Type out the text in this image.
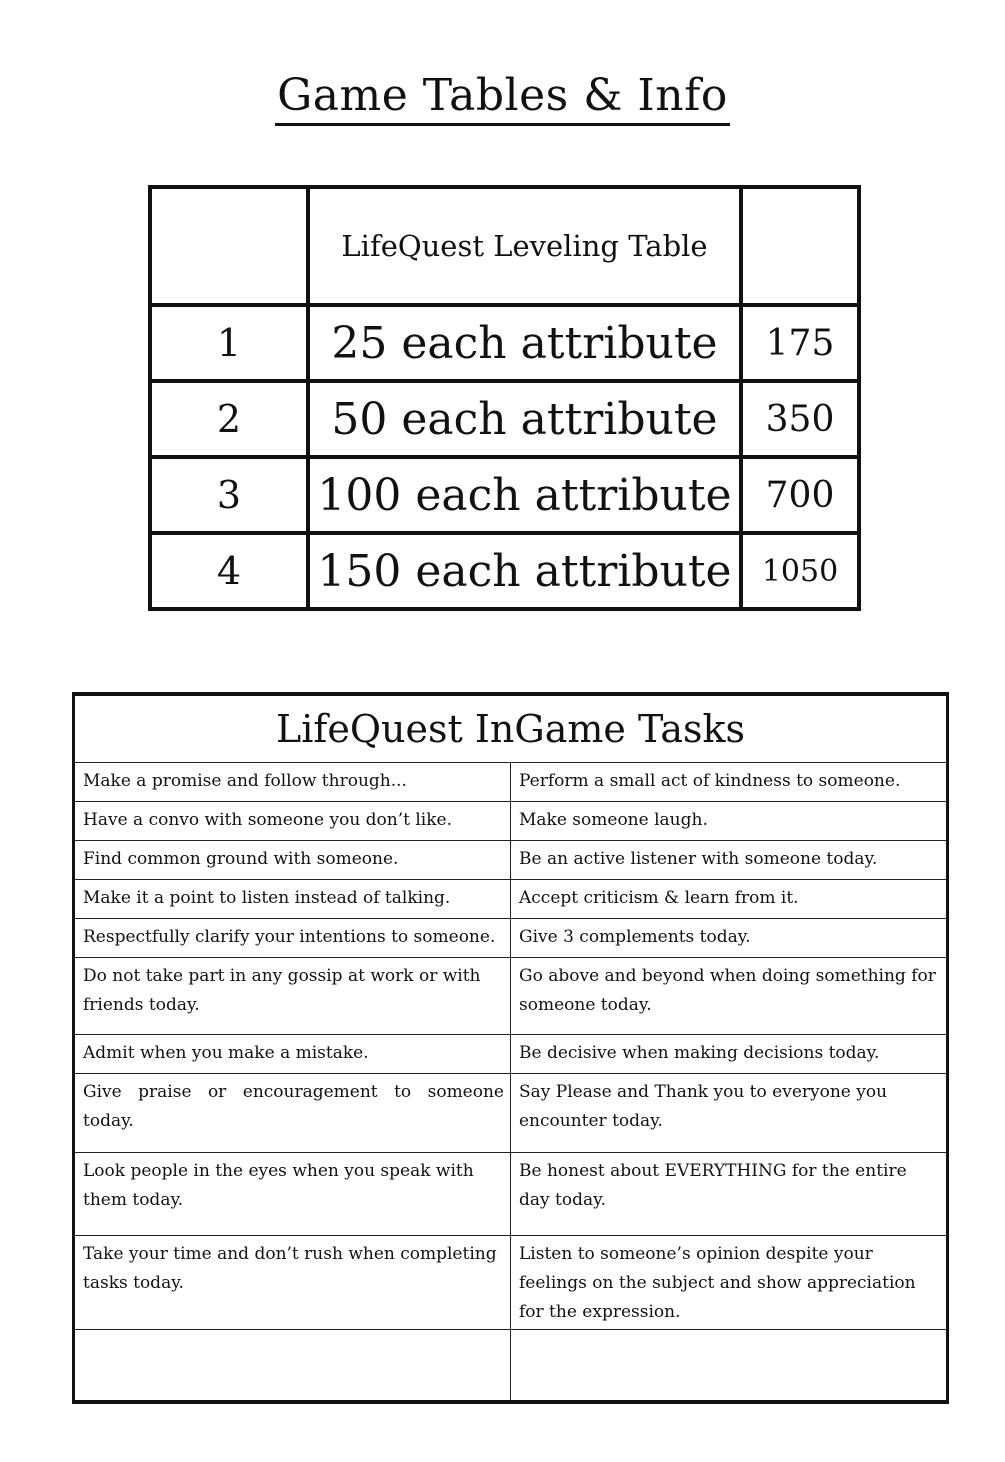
Game Tables & Info
	LifeQuest Leveling Table	
1	25 each attribute	175
2	50 each attribute	350
3	100 each attribute	700
4	150 each attribute	1050
LifeQuest InGame Tasks	
Make a promise and follow through...	Perform a small act of kindness to someone.
Have a convo with someone you don’t like.	Make someone laugh.
Find common ground with someone.	Be an active listener with someone today.
Make it a point to listen instead of talking.	Accept criticism & learn from it.
Respectfully clarify your intentions to someone.	Give 3 complements today.
Do not take part in any gossip at work or with friends today.	Go above and beyond when doing something for someone today.
Admit when you make a mistake.	Be decisive when making decisions today.
Give praise or encouragement to someone today.	Say Please and Thank you to everyone you encounter today.
Look people in the eyes when you speak with them today.	Be honest about EVERYTHING for the entire day today.
Take your time and don’t rush when completing tasks today.	Listen to someone’s opinion despite your feelings on the subject and show appreciation for the expression.
